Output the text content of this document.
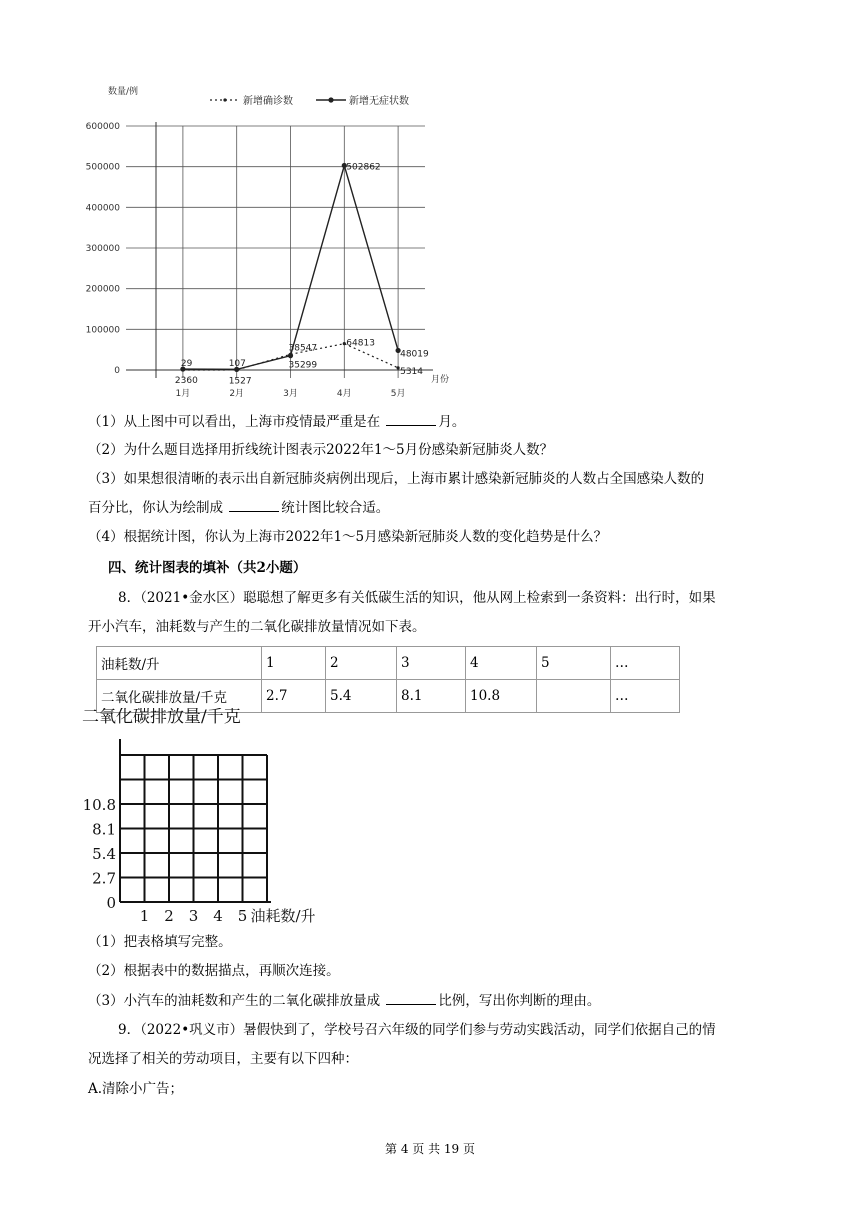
0
100000
200000
300000
400000
500000
600000
1月	2月	3月	4月	5月
数量/例
月份
29
2360
107
1527
38547
35299
64813
502862
5314
48019
新增确诊数	新增无症状数
（1）从上图中可以看出，上海市疫情最严重是在	月。
（2）为什么题目选择用折线统计图表示2022年1～5月份感染新冠肺炎人数？
（3）如果想很清晰的表示出自新冠肺炎病例出现后，上海市累计感染新冠肺炎的人数占全国感染人数的
百分比，你认为绘制成	统计图比较合适。
（4）根据统计图，你认为上海市2022年1～5月感染新冠肺炎人数的变化趋势是什么？
四、统计图表的填补（共2小题）
8．（2021•金水区）聪聪想了解更多有关低碳生活的知识，他从网上检索到一条资料：出行时，如果
开小汽车，油耗数与产生的二氧化碳排放量情况如下表。
油耗数/升	1	2	3	4	5	…
二氧化碳排放量/千克	2.7	5.4	8.1	10.8		…
0
2.7
5.4
8.1
10.8
1 2 3 4 5 油耗数/升
二氧化碳排放量/千克
（1）把表格填写完整。
（2）根据表中的数据描点，再顺次连接。
（3）小汽车的油耗数和产生的二氧化碳排放量成	比例，写出你判断的理由。
9．（2022•巩义市）暑假快到了，学校号召六年级的同学们参与劳动实践活动，同学们依据自己的情
况选择了相关的劳动项目，主要有以下四种：
A.清除小广告；
第 4 页 共 19 页
